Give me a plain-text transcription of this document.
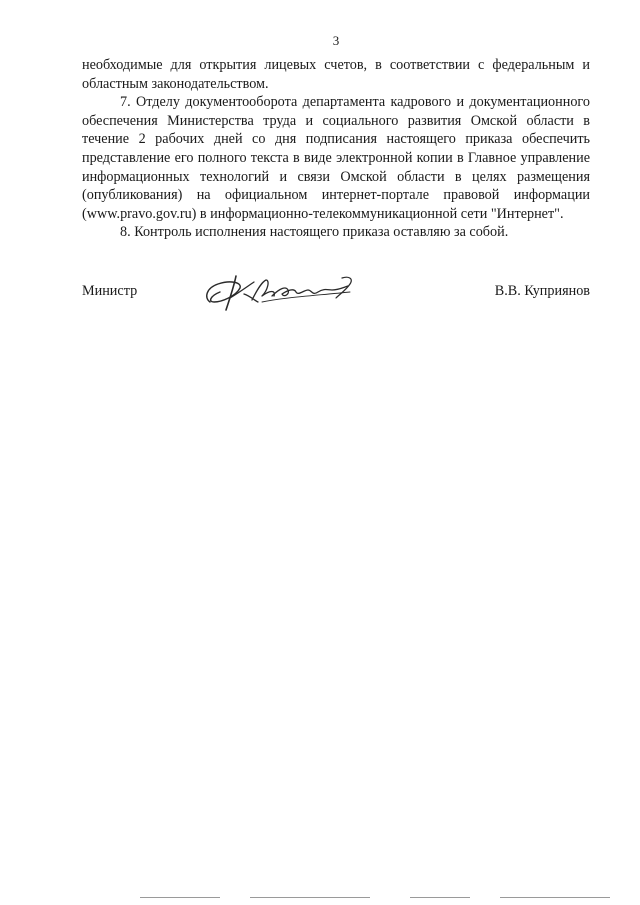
3

необходимые для открытия лицевых счетов, в соответствии с федеральным и областным законодательством.

7. Отделу документооборота департамента кадрового и документационного обеспечения Министерства труда и социального развития Омской области в течение 2 рабочих дней со дня подписания настоящего приказа обеспечить представление его полного текста в виде электронной копии в Главное управление информационных технологий и связи Омской области в целях размещения (опубликования) на официальном интернет-портале правовой информации (www.pravo.gov.ru) в информационно-телекоммуникационной сети "Интернет".

8. Контроль исполнения настоящего приказа оставляю за собой.

Министр	В.В. Куприянов
